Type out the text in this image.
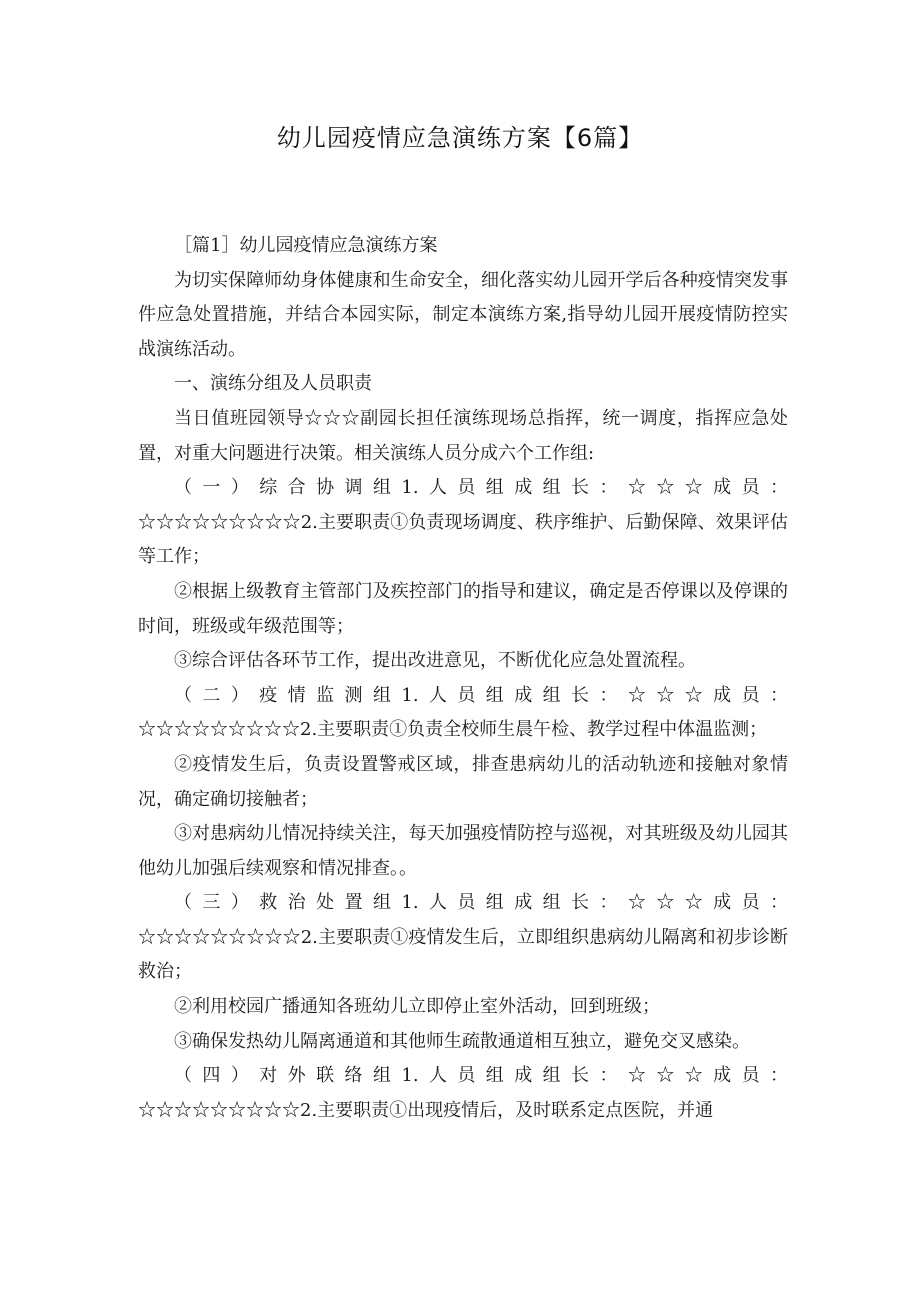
幼儿园疫情应急演练方案【6篇】

［篇1］幼儿园疫情应急演练方案

为切实保障师幼身体健康和生命安全，细化落实幼儿园开学后各种疫情突发事件应急处置措施，并结合本园实际，制定本演练方案,指导幼儿园开展疫情防控实战演练活动。

一、演练分组及人员职责

当日值班园领导☆☆☆副园长担任演练现场总指挥，统一调度，指挥应急处置，对重大问题进行决策。相关演练人员分成六个工作组:

（一）综合协调组1.人员组成组长：☆☆☆成员：

☆☆☆☆☆☆☆☆☆2.主要职责①负责现场调度、秩序维护、后勤保障、效果评估等工作；

②根据上级教育主管部门及疾控部门的指导和建议，确定是否停课以及停课的时间，班级或年级范围等；

③综合评估各环节工作，提出改进意见，不断优化应急处置流程。

（二）疫情监测组1.人员组成组长：☆☆☆成员：

☆☆☆☆☆☆☆☆☆2.主要职责①负责全校师生晨午检、教学过程中体温监测；

②疫情发生后，负责设置警戒区域，排查患病幼儿的活动轨迹和接触对象情况，确定确切接触者；

③对患病幼儿情况持续关注，每天加强疫情防控与巡视，对其班级及幼儿园其他幼儿加强后续观察和情况排查。。

（三）救治处置组1.人员组成组长：☆☆☆成员：

☆☆☆☆☆☆☆☆☆2.主要职责①疫情发生后，立即组织患病幼儿隔离和初步诊断救治；

②利用校园广播通知各班幼儿立即停止室外活动，回到班级；

③确保发热幼儿隔离通道和其他师生疏散通道相互独立，避免交叉感染。

（四）对外联络组1.人员组成组长：☆☆☆成员：

☆☆☆☆☆☆☆☆☆2.主要职责①出现疫情后，及时联系定点医院，并通
